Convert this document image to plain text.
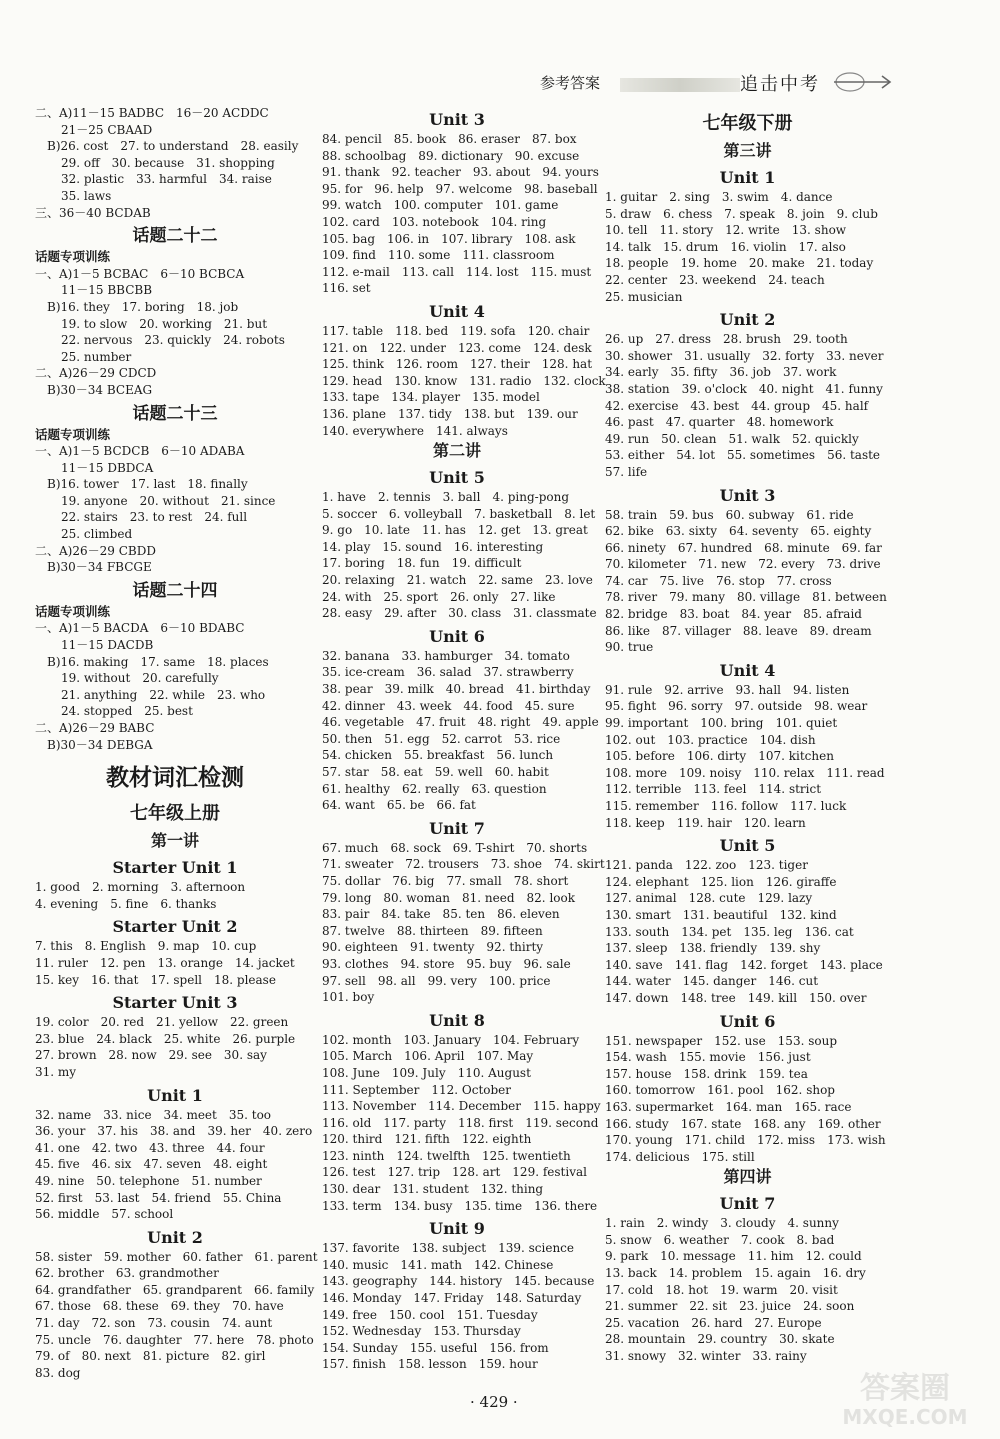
参考答案	追击中考
二、A)11－15 BADBC　16－20 ACDDC
21－25 CBAAD
　B)26. cost　27. to understand　28. easily
29. off　30. because　31. shopping
32. plastic　33. harmful　34. raise
35. laws
三、36－40 BCDAB
话题二十二
话题专项训练
一、A)1－5 BCBAC　6－10 BCBCA
11－15 BBCBB
　B)16. they　17. boring　18. job
19. to slow　20. working　21. but
22. nervous　23. quickly　24. robots
25. number
二、A)26－29 CDCD
　B)30－34 BCEAG
话题二十三
话题专项训练
一、A)1－5 BCDCB　6－10 ADABA
11－15 DBDCA
　B)16. tower　17. last　18. finally
19. anyone　20. without　21. since
22. stairs　23. to rest　24. full
25. climbed
二、A)26－29 CBDD
　B)30－34 FBCGE
话题二十四
话题专项训练
一、A)1－5 BACDA　6－10 BDABC
11－15 DACDB
　B)16. making　17. same　18. places
19. without　20. carefully
21. anything　22. while　23. who
24. stopped　25. best
二、A)26－29 BABC
　B)30－34 DEBGA
教材词汇检测
七年级上册
第一讲
Starter Unit 1
1. good　2. morning　3. afternoon
4. evening　5. fine　6. thanks
Starter Unit 2
7. this　8. English　9. map　10. cup
11. ruler　12. pen　13. orange　14. jacket
15. key　16. that　17. spell　18. please
Starter Unit 3
19. color　20. red　21. yellow　22. green
23. blue　24. black　25. white　26. purple
27. brown　28. now　29. see　30. say
31. my
Unit 1
32. name　33. nice　34. meet　35. too
36. your　37. his　38. and　39. her　40. zero
41. one　42. two　43. three　44. four
45. five　46. six　47. seven　48. eight
49. nine　50. telephone　51. number
52. first　53. last　54. friend　55. China
56. middle　57. school
Unit 2
58. sister　59. mother　60. father　61. parent
62. brother　63. grandmother
64. grandfather　65. grandparent　66. family
67. those　68. these　69. they　70. have
71. day　72. son　73. cousin　74. aunt
75. uncle　76. daughter　77. here　78. photo
79. of　80. next　81. picture　82. girl
83. dog
Unit 3
84. pencil　85. book　86. eraser　87. box
88. schoolbag　89. dictionary　90. excuse
91. thank　92. teacher　93. about　94. yours
95. for　96. help　97. welcome　98. baseball
99. watch　100. computer　101. game
102. card　103. notebook　104. ring
105. bag　106. in　107. library　108. ask
109. find　110. some　111. classroom
112. e-mail　113. call　114. lost　115. must
116. set
Unit 4
117. table　118. bed　119. sofa　120. chair
121. on　122. under　123. come　124. desk
125. think　126. room　127. their　128. hat
129. head　130. know　131. radio　132. clock
133. tape　134. player　135. model
136. plane　137. tidy　138. but　139. our
140. everywhere　141. always
第二讲
Unit 5
1. have　2. tennis　3. ball　4. ping-pong
5. soccer　6. volleyball　7. basketball　8. let
9. go　10. late　11. has　12. get　13. great
14. play　15. sound　16. interesting
17. boring　18. fun　19. difficult
20. relaxing　21. watch　22. same　23. love
24. with　25. sport　26. only　27. like
28. easy　29. after　30. class　31. classmate
Unit 6
32. banana　33. hamburger　34. tomato
35. ice-cream　36. salad　37. strawberry
38. pear　39. milk　40. bread　41. birthday
42. dinner　43. week　44. food　45. sure
46. vegetable　47. fruit　48. right　49. apple
50. then　51. egg　52. carrot　53. rice
54. chicken　55. breakfast　56. lunch
57. star　58. eat　59. well　60. habit
61. healthy　62. really　63. question
64. want　65. be　66. fat
Unit 7
67. much　68. sock　69. T-shirt　70. shorts
71. sweater　72. trousers　73. shoe　74. skirt
75. dollar　76. big　77. small　78. short
79. long　80. woman　81. need　82. look
83. pair　84. take　85. ten　86. eleven
87. twelve　88. thirteen　89. fifteen
90. eighteen　91. twenty　92. thirty
93. clothes　94. store　95. buy　96. sale
97. sell　98. all　99. very　100. price
101. boy
Unit 8
102. month　103. January　104. February
105. March　106. April　107. May
108. June　109. July　110. August
111. September　112. October
113. November　114. December　115. happy
116. old　117. party　118. first　119. second
120. third　121. fifth　122. eighth
123. ninth　124. twelfth　125. twentieth
126. test　127. trip　128. art　129. festival
130. dear　131. student　132. thing
133. term　134. busy　135. time　136. there
Unit 9
137. favorite　138. subject　139. science
140. music　141. math　142. Chinese
143. geography　144. history　145. because
146. Monday　147. Friday　148. Saturday
149. free　150. cool　151. Tuesday
152. Wednesday　153. Thursday
154. Sunday　155. useful　156. from
157. finish　158. lesson　159. hour
七年级下册
第三讲
Unit 1
1. guitar　2. sing　3. swim　4. dance
5. draw　6. chess　7. speak　8. join　9. club
10. tell　11. story　12. write　13. show
14. talk　15. drum　16. violin　17. also
18. people　19. home　20. make　21. today
22. center　23. weekend　24. teach
25. musician
Unit 2
26. up　27. dress　28. brush　29. tooth
30. shower　31. usually　32. forty　33. never
34. early　35. fifty　36. job　37. work
38. station　39. o'clock　40. night　41. funny
42. exercise　43. best　44. group　45. half
46. past　47. quarter　48. homework
49. run　50. clean　51. walk　52. quickly
53. either　54. lot　55. sometimes　56. taste
57. life
Unit 3
58. train　59. bus　60. subway　61. ride
62. bike　63. sixty　64. seventy　65. eighty
66. ninety　67. hundred　68. minute　69. far
70. kilometer　71. new　72. every　73. drive
74. car　75. live　76. stop　77. cross
78. river　79. many　80. village　81. between
82. bridge　83. boat　84. year　85. afraid
86. like　87. villager　88. leave　89. dream
90. true
Unit 4
91. rule　92. arrive　93. hall　94. listen
95. fight　96. sorry　97. outside　98. wear
99. important　100. bring　101. quiet
102. out　103. practice　104. dish
105. before　106. dirty　107. kitchen
108. more　109. noisy　110. relax　111. read
112. terrible　113. feel　114. strict
115. remember　116. follow　117. luck
118. keep　119. hair　120. learn
Unit 5
121. panda　122. zoo　123. tiger
124. elephant　125. lion　126. giraffe
127. animal　128. cute　129. lazy
130. smart　131. beautiful　132. kind
133. south　134. pet　135. leg　136. cat
137. sleep　138. friendly　139. shy
140. save　141. flag　142. forget　143. place
144. water　145. danger　146. cut
147. down　148. tree　149. kill　150. over
Unit 6
151. newspaper　152. use　153. soup
154. wash　155. movie　156. just
157. house　158. drink　159. tea
160. tomorrow　161. pool　162. shop
163. supermarket　164. man　165. race
166. study　167. state　168. any　169. other
170. young　171. child　172. miss　173. wish
174. delicious　175. still
第四讲
Unit 7
1. rain　2. windy　3. cloudy　4. sunny
5. snow　6. weather　7. cook　8. bad
9. park　10. message　11. him　12. could
13. back　14. problem　15. again　16. dry
17. cold　18. hot　19. warm　20. visit
21. summer　22. sit　23. juice　24. soon
25. vacation　26. hard　27. Europe
28. mountain　29. country　30. skate
31. snowy　32. winter　33. rainy
· 429 ·	答案圈
MXQE.COM
